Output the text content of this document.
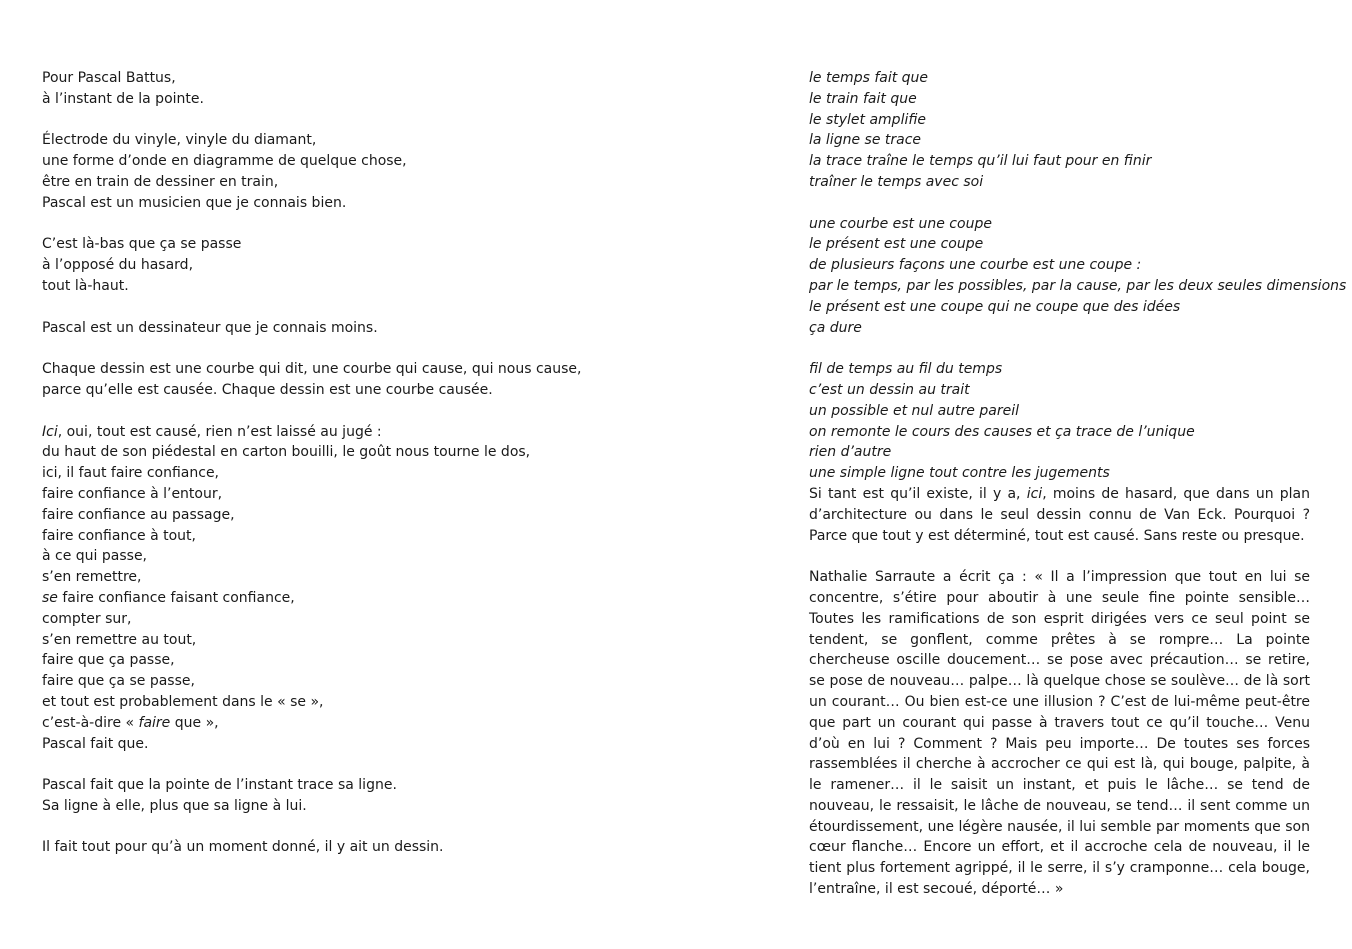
Pour Pascal Battus,
à l’instant de la pointe.
Électrode du vinyle, vinyle du diamant,
une forme d’onde en diagramme de quelque chose,
être en train de dessiner en train,
Pascal est un musicien que je connais bien.
C’est là-bas que ça se passe
à l’opposé du hasard,
tout là-haut.
Pascal est un dessinateur que je connais moins.
Chaque dessin est une courbe qui dit, une courbe qui cause, qui nous cause,
parce qu’elle est causée. Chaque dessin est une courbe causée.
Ici, oui, tout est causé, rien n’est laissé au jugé :
du haut de son piédestal en carton bouilli, le goût nous tourne le dos,
ici, il faut faire confiance,
faire confiance à l’entour,
faire confiance au passage,
faire confiance à tout,
à ce qui passe,
s’en remettre,
se faire confiance faisant confiance,
compter sur,
s’en remettre au tout,
faire que ça passe,
faire que ça se passe,
et tout est probablement dans le « se »,
c’est-à-dire « faire que »,
Pascal fait que.
Pascal fait que la pointe de l’instant trace sa ligne.
Sa ligne à elle, plus que sa ligne à lui.
Il fait tout pour qu’à un moment donné, il y ait un dessin.
le temps fait que
le train fait que
le stylet amplifie
la ligne se trace
la trace traîne le temps qu’il lui faut pour en finir
traîner le temps avec soi
une courbe est une coupe
le présent est une coupe
de plusieurs façons une courbe est une coupe :
par le temps, par les possibles, par la cause, par les deux seules dimensions
le présent est une coupe qui ne coupe que des idées
ça dure
fil de temps au fil du temps
c’est un dessin au trait
un possible et nul autre pareil
on remonte le cours des causes et ça trace de l’unique
rien d’autre
une simple ligne tout contre les jugements

Si tant est qu’il existe, il y a, ici, moins de hasard, que dans un plan d’architecture ou dans le seul dessin connu de Van Eck. Pourquoi ? Parce que tout y est déterminé, tout est causé. Sans reste ou presque.

Nathalie Sarraute a écrit ça : « Il a l’impression que tout en lui se concentre, s’étire pour aboutir à une seule fine pointe sensible… Toutes les ramifications de son esprit dirigées vers ce seul point se tendent, se gonflent, comme prêtes à se rompre… La pointe chercheuse oscille doucement… se pose avec précaution… se retire, se pose de nouveau… palpe… là quelque chose se soulève… de là sort un courant… Ou bien est-ce une illusion ? C’est de lui-même peut-être que part un courant qui passe à travers tout ce qu’il touche… Venu d’où en lui ? Comment ? Mais peu importe… De toutes ses forces rassemblées il cherche à accrocher ce qui est là, qui bouge, palpite, à le ramener… il le saisit un instant, et puis le lâche… se tend de nouveau, le ressaisit, le lâche de nouveau, se tend… il sent comme un étourdissement, une légère nausée, il lui semble par moments que son cœur flanche… Encore un effort, et il accroche cela de nouveau, il le tient plus fortement agrippé, il le serre, il s’y cramponne… cela bouge, l’entraîne, il est secoué, déporté… »
